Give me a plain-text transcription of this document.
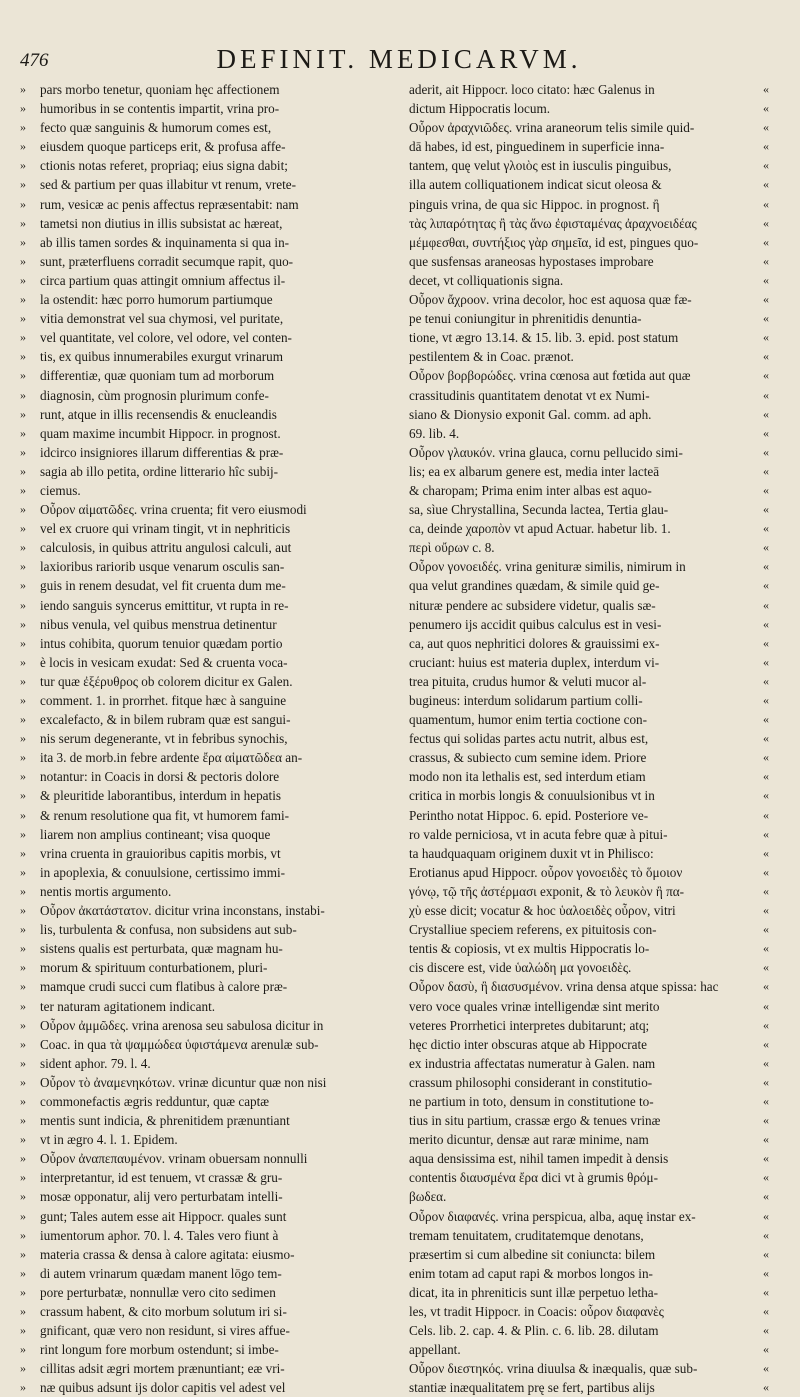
476	DEFINIT. MEDICARVM.
» pars morbo tenetur, quoniam hęc affectionem
» humoribus in se contentis impartit, vrina pro-
» fecto quæ sanguinis & humorum comes est,
» eiusdem quoque particeps erit, & profusa affe-
» ctionis notas referet, propriaq; eius signa dabit;
» sed & partium per quas illabitur vt renum, vrete-
» rum, vesicæ ac penis affectus repræsentabit: nam
» tametsi non diutius in illis subsistat ac hæreat,
» ab illis tamen sordes & inquinamenta si qua in-
» sunt, præterfluens corradit secumque rapit, quo-
» circa partium quas attingit omnium affectus il-
» la ostendit: hæc porro humorum partiumque
» vitia demonstrat vel sua chymosi, vel puritate,
» vel quantitate, vel colore, vel odore, vel conten-
» tis, ex quibus innumerabiles exurgut vrinarum
» differentiæ, quæ quoniam tum ad morborum
» diagnosin, cùm prognosin plurimum confe-
» runt, atque in illis recensendis & enucleandis
» quam maxime incumbit Hippocr. in prognost.
» idcirco insigniores illarum differentias & præ-
» sagia ab illo petita, ordine litterario hîc subij-
» ciemus.
» Οὖρον αἱματῶδες. vrina cruenta; fit vero eiusmodi
» vel ex cruore qui vrinam tingit, vt in nephriticis
» calculosis, in quibus attritu angulosi calculi, aut
» laxioribus rariorib usque venarum osculis san-
» guis in renem desudat, vel fit cruenta dum me-
» iendo sanguis syncerus emittitur, vt rupta in re-
» nibus venula, vel quibus menstrua detinentur
» intus cohibita, quorum tenuior quædam portio
» è locis in vesicam exudat: Sed & cruenta voca-
» tur quæ ἐξέρυθρος ob colorem dicitur ex Galen.
» comment. 1. in prorrhet. fitque hæc à sanguine
» excalefacto, & in bilem rubram quæ est sangui-
» nis serum degenerante, vt in febribus synochis,
» ita 3. de morb.in febre ardente ἔρα αἱματῶδεα an-
» notantur: in Coacis in dorsi & pectoris dolore
» & pleuritide laborantibus, interdum in hepatis
» & renum resolutione qua fit, vt humorem fami-
» liarem non amplius contineant; visa quoque
» vrina cruenta in grauioribus capitis morbis, vt
» in apoplexia, & conuulsione, certissimo immi-
» nentis mortis argumento.
» Οὖρον ἀκατάστατον. dicitur vrina inconstans, instabi-
» lis, turbulenta & confusa, non subsidens aut sub-
» sistens qualis est perturbata, quæ magnam hu-
» morum & spirituum conturbationem, pluri-
» mamque crudi succi cum flatibus à calore præ-
» ter naturam agitationem indicant.
» Οὖρον ἀμμῶδες. vrina arenosa seu sabulosa dicitur in
» Coac. in qua τὰ ψαμμώδεα ὑφιστάμενα arenulæ sub-
» sident aphor. 79. l. 4.
» Οὖρον τὸ ἀναμενηκότων. vrinæ dicuntur quæ non nisi
» commonefactis ægris redduntur, quæ captæ
» mentis sunt indicia, & phrenitidem prænuntiant
» vt in ægro 4. l. 1. Epidem.
» Οὖρον ἀναπεπαυμένον. vrinam obuersam nonnulli
» interpretantur, id est tenuem, vt crassæ & gru-
» mosæ opponatur, alij vero perturbatam intelli-
» gunt; Tales autem esse ait Hippocr. quales sunt
» iumentorum aphor. 70. l. 4. Tales vero fiunt à
» materia crassa & densa à calore agitata: eiusmo-
» di autem vrinarum quædam manent lōgo tem-
» pore perturbatæ, nonnullæ vero cito sedimen
» crassum habent, & cito morbum solutum iri si-
» gnificant, quæ vero non residunt, si vires affue-
» rint longum fore morbum ostendunt; si imbe-
» cillitas adsit ægri mortem prænuntiant; eæ vri-
» næ quibus adsunt ijs dolor capitis vel adest vel
aderit, ait Hippocr. loco citato: hæc Galenus in «
dictum Hippocratis locum. «
Οὖρον ἀραχνιῶδες. vrina araneorum telis simile quid- «
dā habes, id est, pinguedinem in superficie inna- «
tantem, quę velut γλοιὸς est in iusculis pinguibus, «
illa autem colliquationem indicat sicut oleosa & «
pinguis vrina, de qua sic Hippoc. in prognost. ἢ «
τὰς λιπαρότητας ἢ τὰς ἄνω ἐφισταμένας ἀραχνοειδέας «
μέμφεσθαι, συντήξιος γὰρ σημεῖα, id est, pingues quo- «
que susfensas araneosas hypostases improbare «
decet, vt colliquationis signa. «
Οὖρον ἄχροον. vrina decolor, hoc est aquosa quæ fæ- «
pe tenui coniungitur in phrenitidis denuntia- «
tione, vt ægro 13.14. & 15. lib. 3. epid. post statum «
pestilentem & in Coac. prænot. «
Οὖρον βορβορώδες. vrina cœnosa aut fœtida aut quæ «
crassitudinis quantitatem denotat vt ex Numi- «
siano & Dionysio exponit Gal. comm. ad aph. «
69. lib. 4. «
Οὖρον γλαυκόν. vrina glauca, cornu pellucido simi- «
lis; ea ex albarum genere est, media inter lacteā «
& charopam; Prima enim inter albas est aquo- «
sa, sìue Chrystallina, Secunda lactea, Tertia glau- «
ca, deinde χαροπὸν vt apud Actuar. habetur lib. 1. «
περὶ οὔρων c. 8. «
Οὖρον γονοειδές. vrina genituræ similis, nimirum in «
qua velut grandines quædam, & simile quid ge- «
nituræ pendere ac subsidere videtur, qualis sæ- «
penumero ijs accidit quibus calculus est in vesi- «
ca, aut quos nephritici dolores & grauissimi ex- «
cruciant: huius est materia duplex, interdum vi- «
trea pituita, crudus humor & veluti mucor al- «
bugineus: interdum solidarum partium colli- «
quamentum, humor enim tertia coctione con- «
fectus qui solidas partes actu nutrit, albus est, «
crassus, & subiecto cum semine idem. Priore «
modo non ita lethalis est, sed interdum etiam «
critica in morbis longis & conuulsionibus vt in «
Perintho notat Hippoc. 6. epid. Posteriore ve- «
ro valde perniciosa, vt in acuta febre quæ à pitui- «
ta haudquaquam originem duxit vt in Philisco: «
Erotianus apud Hippocr. οὖρον γονοειδὲς τὸ ὅμοιον «
γόνῳ, τῷ τῆς ἀστέρμασι exponit, & τὸ λευκὸν ἢ πα- «
χὺ esse dicit; vocatur & hoc ὑαλοειδὲς οὖρον, vitri «
Crystalliue speciem referens, ex pituitosis con- «
tentis & copiosis, vt ex multis Hippocratis lo- «
cis discere est, vide ὑαλώδη μα γονοειδὲς. «
Οὖρον δασὺ, ἢ διασυσμένον. vrina densa atque spissa: hac «
vero voce quales vrinæ intelligendæ sint merito «
veteres Prorrhetici interpretes dubitarunt; atq; «
hęc dictio inter obscuras atque ab Hippocrate «
ex industria affectatas numeratur à Galen. nam «
crassum philosophi considerant in constitutio- «
ne partium in toto, densum in constitutione to- «
tius in situ partium, crassæ ergo & tenues vrinæ «
merito dicuntur, densæ aut raræ minime, nam «
aqua densissima est, nihil tamen impedit à densis «
contentis διαυσμένα ἔρα dici vt à grumis θρόμ- «
βωδεα. «
Οὖρον διαφανές. vrina perspicua, alba, aquę instar ex- «
tremam tenuitatem, cruditatemque denotans, «
præsertim si cum albedine sit coniuncta: bilem «
enim totam ad caput rapi & morbos longos in- «
dicat, ita in phreniticis sunt illæ perpetuo letha- «
les, vt tradit Hippocr. in Coacis: οὖρον διαφανὲς «
Cels. lib. 2. cap. 4. & Plin. c. 6. lib. 28. dilutam «
appellant. «
Οὖρον διεστηκός. vrina diuulsa & inæqualis, quæ sub- «
stantiæ inæqualitatem prę se fert, partibus alijs «
